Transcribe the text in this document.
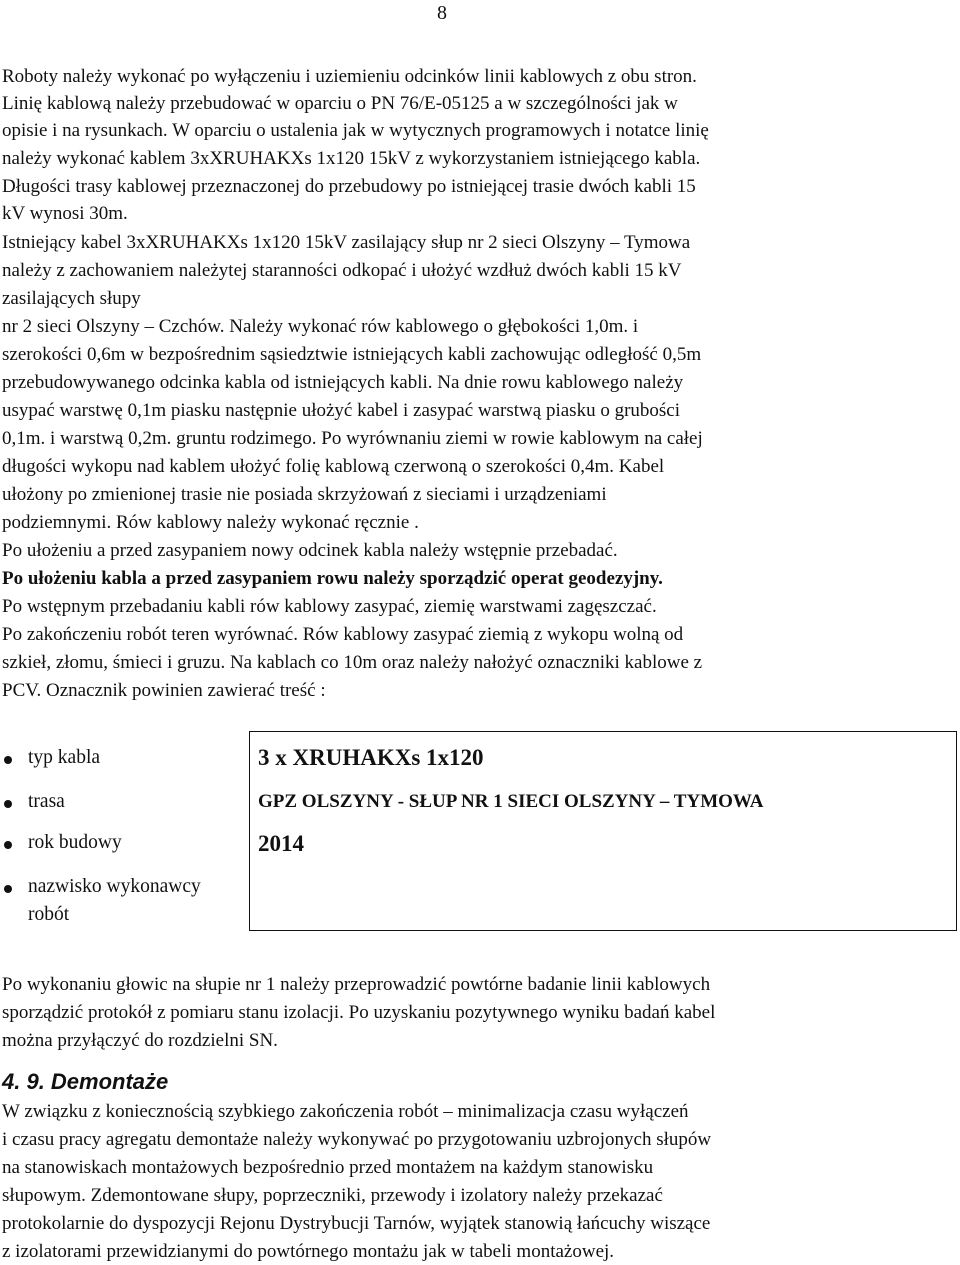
8
Roboty należy wykonać po wyłączeniu i uziemieniu odcinków linii kablowych z obu stron.
Linię kablową należy przebudować w oparciu o PN 76/E-05125 a w szczególności jak w
opisie i na rysunkach. W oparciu o ustalenia jak w wytycznych programowych i notatce linię
należy wykonać kablem 3xXRUHAKXs 1x120 15kV z wykorzystaniem istniejącego kabla.
Długości trasy kablowej przeznaczonej do przebudowy po istniejącej trasie dwóch kabli 15
kV wynosi 30m.
Istniejący kabel 3xXRUHAKXs 1x120 15kV zasilający słup nr 2 sieci Olszyny – Tymowa
należy z zachowaniem należytej staranności odkopać i ułożyć wzdłuż dwóch kabli 15 kV
zasilających słupy
nr 2 sieci Olszyny – Czchów. Należy wykonać rów kablowego o głębokości 1,0m. i
szerokości 0,6m w bezpośrednim sąsiedztwie istniejących kabli zachowując odległość 0,5m
przebudowywanego odcinka kabla od istniejących kabli. Na dnie rowu kablowego należy
usypać warstwę 0,1m piasku następnie ułożyć kabel i zasypać warstwą piasku o grubości
0,1m. i warstwą 0,2m. gruntu rodzimego. Po wyrównaniu ziemi w rowie kablowym na całej
długości wykopu nad kablem ułożyć folię kablową czerwoną o szerokości 0,4m. Kabel
ułożony po zmienionej trasie nie posiada skrzyżowań z sieciami i urządzeniami
podziemnymi. Rów kablowy należy wykonać ręcznie .
Po ułożeniu a przed zasypaniem nowy odcinek kabla należy wstępnie przebadać.
Po ułożeniu kabla a przed zasypaniem rowu należy sporządzić operat geodezyjny.
Po wstępnym przebadaniu kabli rów kablowy zasypać, ziemię warstwami zagęszczać.
Po zakończeniu robót teren wyrównać. Rów kablowy zasypać ziemią z wykopu wolną od
szkieł, złomu, śmieci i gruzu. Na kablach co 10m oraz należy nałożyć oznaczniki kablowe z
PCV. Oznacznik powinien zawierać treść :
typ kabla
trasa
rok budowy
nazwisko wykonawcy
robót
3 x XRUHAKXs 1x120
GPZ OLSZYNY - SŁUP NR 1 SIECI OLSZYNY – TYMOWA
2014
Po wykonaniu głowic na słupie nr 1 należy przeprowadzić powtórne badanie linii kablowych
sporządzić protokół z pomiaru stanu izolacji. Po uzyskaniu pozytywnego wyniku badań kabel
można przyłączyć do rozdzielni SN.
4. 9. Demontaże
W związku z koniecznością szybkiego zakończenia robót – minimalizacja czasu wyłączeń
i czasu pracy agregatu demontaże należy wykonywać po przygotowaniu uzbrojonych słupów
na stanowiskach montażowych bezpośrednio przed montażem na każdym stanowisku
słupowym. Zdemontowane słupy, poprzeczniki, przewody i izolatory należy przekazać
protokolarnie do dyspozycji Rejonu Dystrybucji Tarnów, wyjątek stanowią łańcuchy wiszące
z izolatorami przewidzianymi do powtórnego montażu jak w tabeli montażowej.
